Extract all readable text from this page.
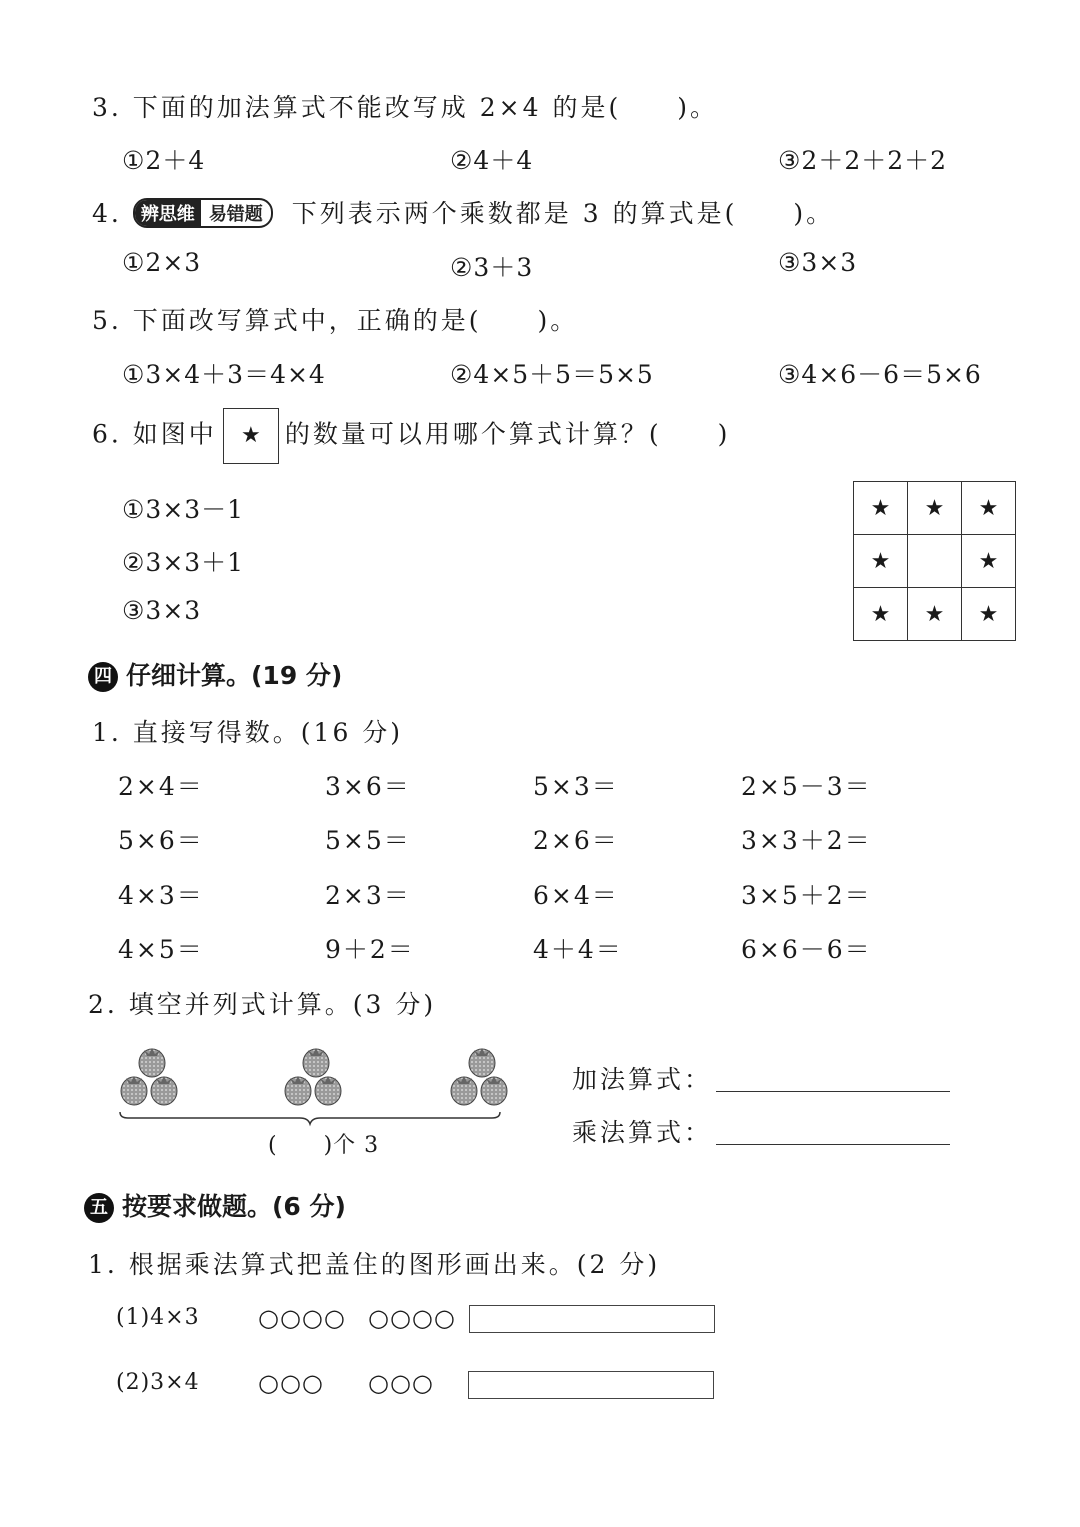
3. 下面的加法算式不能改写成 2×4 的是(　　)。
①2＋4	②4＋4	③2＋2＋2＋2
4.	辨思维 易错题	下列表示两个乘数都是 3 的算式是(　　)。
①2×3	②3＋3	③3×3
5. 下面改写算式中，正确的是(　　)。
①3×4＋3＝4×4	②4×5＋5＝5×5	③4×6－6＝5×6
6. 如图中 ★ 的数量可以用哪个算式计算？(　　)
①3×3－1
②3×3＋1
③3×3
★	★	★
★		★
★	★	★
四 仔细计算。(19 分)
1. 直接写得数。(16 分)
2×4＝	3×6＝	5×3＝	2×5－3＝
5×6＝	5×5＝	2×6＝	3×3＋2＝
4×3＝	2×3＝	6×4＝	3×5＋2＝
4×5＝	9＋2＝	4＋4＝	6×6－6＝
2. 填空并列式计算。(3 分)
(　　)个 3
加法算式：
乘法算式：
五 按要求做题。(6 分)
1. 根据乘法算式把盖住的图形画出来。(2 分)
(1)4×3 ○○○○ ○○○○
(2)3×4 ○○○ ○○○
